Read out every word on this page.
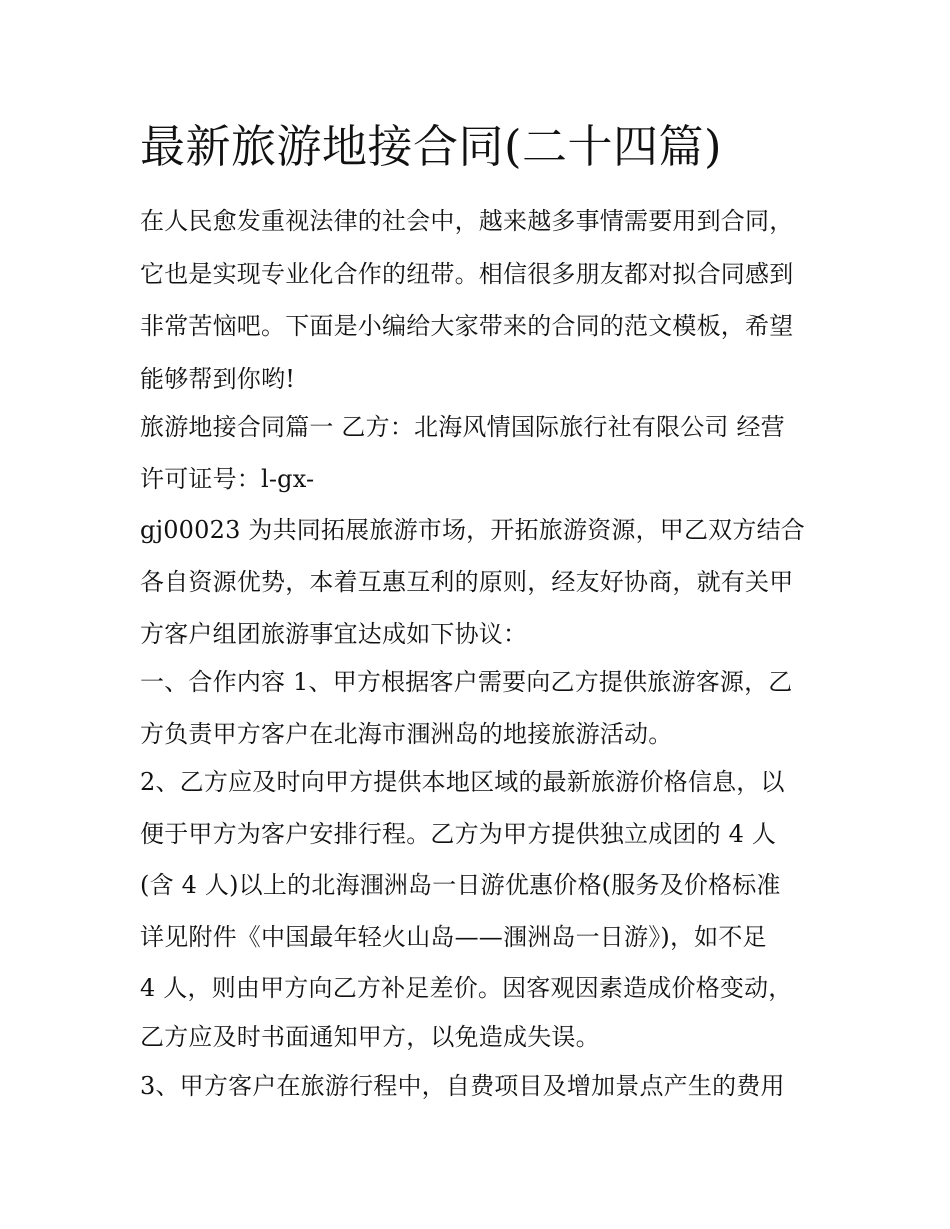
最新旅游地接合同(二十四篇)

在人民愈发重视法律的社会中，越来越多事情需要用到合同，

它也是实现专业化合作的纽带。相信很多朋友都对拟合同感到

非常苦恼吧。下面是小编给大家带来的合同的范文模板，希望

能够帮到你哟!

旅游地接合同篇一 乙方：北海风情国际旅行社有限公司 经营

许可证号：l-gx-

gj00023 为共同拓展旅游市场，开拓旅游资源，甲乙双方结合

各自资源优势，本着互惠互利的原则，经友好协商，就有关甲

方客户组团旅游事宜达成如下协议：

一、合作内容 1、甲方根据客户需要向乙方提供旅游客源，乙

方负责甲方客户在北海市涠洲岛的地接旅游活动。

2、乙方应及时向甲方提供本地区域的最新旅游价格信息，以

便于甲方为客户安排行程。乙方为甲方提供独立成团的 4 人

(含 4 人)以上的北海涠洲岛一日游优惠价格(服务及价格标准

详见附件《中国最年轻火山岛——涠洲岛一日游》)，如不足

4 人，则由甲方向乙方补足差价。因客观因素造成价格变动，

乙方应及时书面通知甲方，以免造成失误。

3、甲方客户在旅游行程中，自费项目及增加景点产生的费用
